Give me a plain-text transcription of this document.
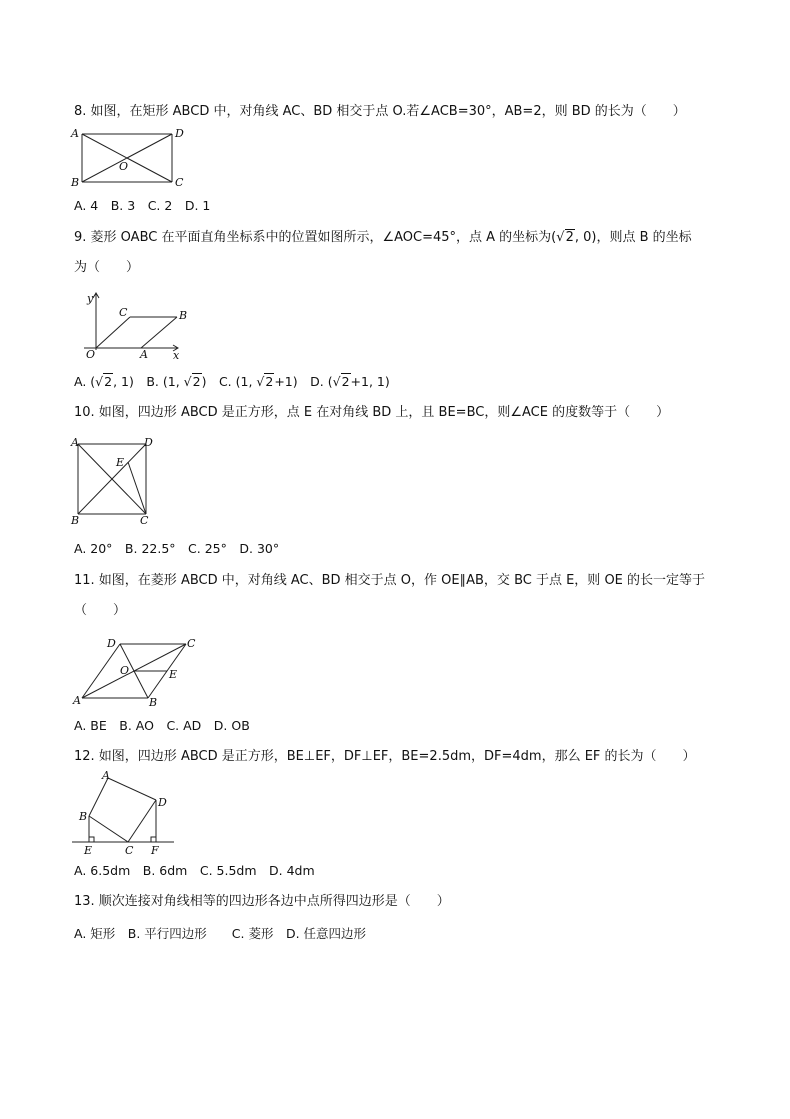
8. 如图，在矩形 ABCD 中，对角线 AC、BD 相交于点 O.若∠ACB=30°，AB=2，则 BD 的长为（　　）
A	D
B	C
O
A. 4　B. 3　C. 2　D. 1
9. 菱形 OABC 在平面直角坐标系中的位置如图所示，∠AOC=45°，点 A 的坐标为(√2, 0)，则点 B 的坐标
为（　　）
y
x
O	A
B
C
A. (√2, 1)　B. (1, √2)　C. (1, √2+1)　D. (√2+1, 1)
10. 如图，四边形 ABCD 是正方形，点 E 在对角线 BD 上，且 BE=BC，则∠ACE 的度数等于（　　）
A	D
B	C
E
A. 20°　B. 22.5°　C. 25°　D. 30°
11. 如图，在菱形 ABCD 中，对角线 AC、BD 相交于点 O，作 OE∥AB，交 BC 于点 E，则 OE 的长一定等于
（　　）
A	B
C
D
O	E
A. BE　B. AO　C. AD　D. OB
12. 如图，四边形 ABCD 是正方形，BE⊥EF，DF⊥EF，BE=2.5dm，DF=4dm，那么 EF 的长为（　　）
A
B
C
D
E	F
A. 6.5dm　B. 6dm　C. 5.5dm　D. 4dm
13. 顺次连接对角线相等的四边形各边中点所得四边形是（　　）
A. 矩形　B. 平行四边形　　C. 菱形　D. 任意四边形
